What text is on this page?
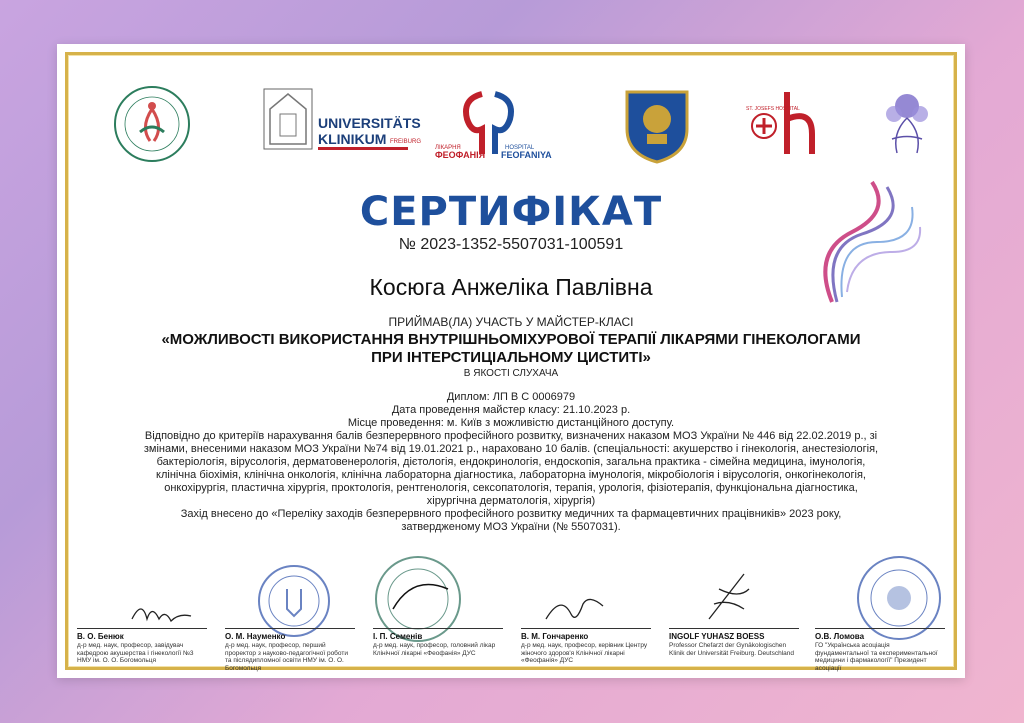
UNIVERSITÄTS
KLINIKUM FREIBURG
ЛІКАРНЯ
ФЕОФАНІЯ
HOSPITAL
FEOFANIYA
ST. JOSEFS HOSPITAL
СЕРТИФІКАТ
№ 2023-1352-5507031-100591
Косюга Анжеліка Павлівна
ПРИЙМАВ(ЛА) УЧАСТЬ У МАЙСТЕР-КЛАСІ
«МОЖЛИВОСТІ ВИКОРИСТАННЯ ВНУТРІШНЬОМІХУРОВОЇ ТЕРАПІЇ ЛІКАРЯМИ ГІНЕКОЛОГАМИ
ПРИ ІНТЕРСТИЦІАЛЬНОМУ ЦИСТИТІ»
В ЯКОСТІ СЛУХАЧА
Диплом: ЛП В С 0006979
Дата проведення майстер класу: 21.10.2023 р.
Місце проведення: м. Київ з можливістю дистанційного доступу.
Відповідно до критеріїв нарахування балів безперервного професійного розвитку, визначених наказом МОЗ України № 446 від 22.02.2019 р., зі
змінами, внесеними наказом МОЗ України №74 від 19.01.2021 р., нараховано 10 балів. (спеціальності: акушерство і гінекологія, анестезіологія,
бактеріологія, вірусологія, дерматовенерологія, дієтологія, ендокринологія, ендоскопія, загальна практика - сімейна медицина, імунологія,
клінічна біохімія, клінічна онкологія, клінічна лабораторна діагностика, лабораторна імунологія, мікробіологія і вірусологія, онкогінекологія,
онкохірургія, пластична хірургія, проктологія, рентгенологія, сексопатологія, терапія, урологія, фізіотерапія, функціональна діагностика,
хірургічна дерматологія, хірургія)
Захід внесено до «Переліку заходів безперервного професійного розвитку медичних та фармацевтичних працівників» 2023 року,
затвердженому МОЗ України (№ 5507031).
В. О. Бенюк
д-р мед. наук, професор, завідувач кафедрою акушерства і гінекології №3 НМУ ім. О. О. Богомольця
О. М. Науменко
д-р мед. наук, професор, перший проректор з науково-педагогічної роботи та післядипломної освіти НМУ ім. О. О. Богомольця
І. П. Семенів
д-р мед. наук, професор, головний лікар Клінічної лікарні «Феофанія» ДУС
В. М. Гончаренко
д-р мед. наук, професор, керівник Центру жіночого здоров'я Клінічної лікарні «Феофанія» ДУС
INGOLF YUHASZ BOESS
Professor Chefarzt der Gynäkologischen Klinik der Universität Freiburg. Deutschland
О.В. Ломова
ГО "Українська асоціація фундаментальної та експериментальної медицини і фармакології" Президент асоціації
